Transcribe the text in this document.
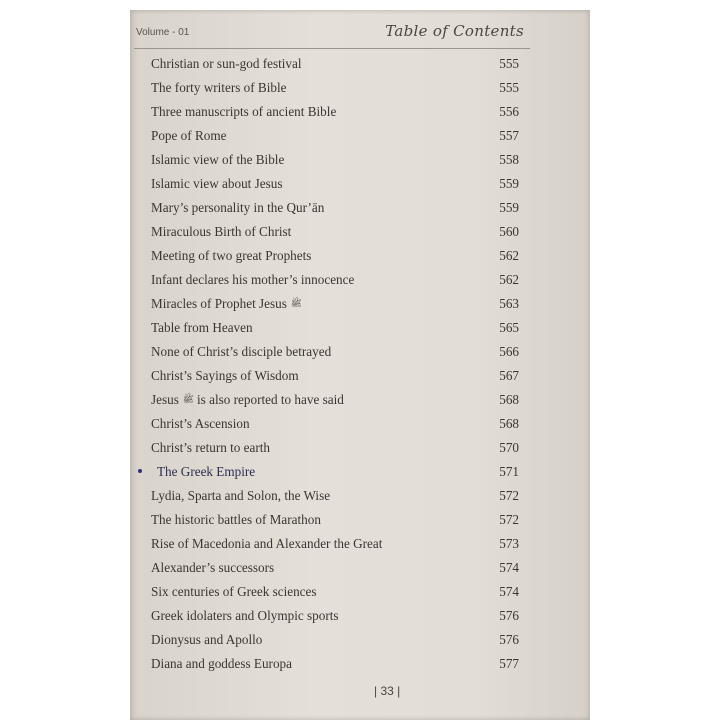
Volume - 01	Table of Contents
Christian or sun-god festival	555
The forty writers of Bible	555
Three manuscripts of ancient Bible	556
Pope of Rome	557
Islamic view of the Bible	558
Islamic view about Jesus	559
Mary’s personality in the Qur’ān	559
Miraculous Birth of Christ	560
Meeting of two great Prophets	562
Infant declares his mother’s innocence	562
Miracles of Prophet Jesus ﷺ	563
Table from Heaven	565
None of Christ’s disciple betrayed	566
Christ’s Sayings of Wisdom	567
Jesus ﷺ is also reported to have said	568
Christ’s Ascension	568
Christ’s return to earth	570
The Greek Empire	571
Lydia, Sparta and Solon, the Wise	572
The historic battles of Marathon	572
Rise of Macedonia and Alexander the Great	573
Alexander’s successors	574
Six centuries of Greek sciences	574
Greek idolaters and Olympic sports	576
Dionysus and Apollo	576
Diana and goddess Europa	577
| 33 |
